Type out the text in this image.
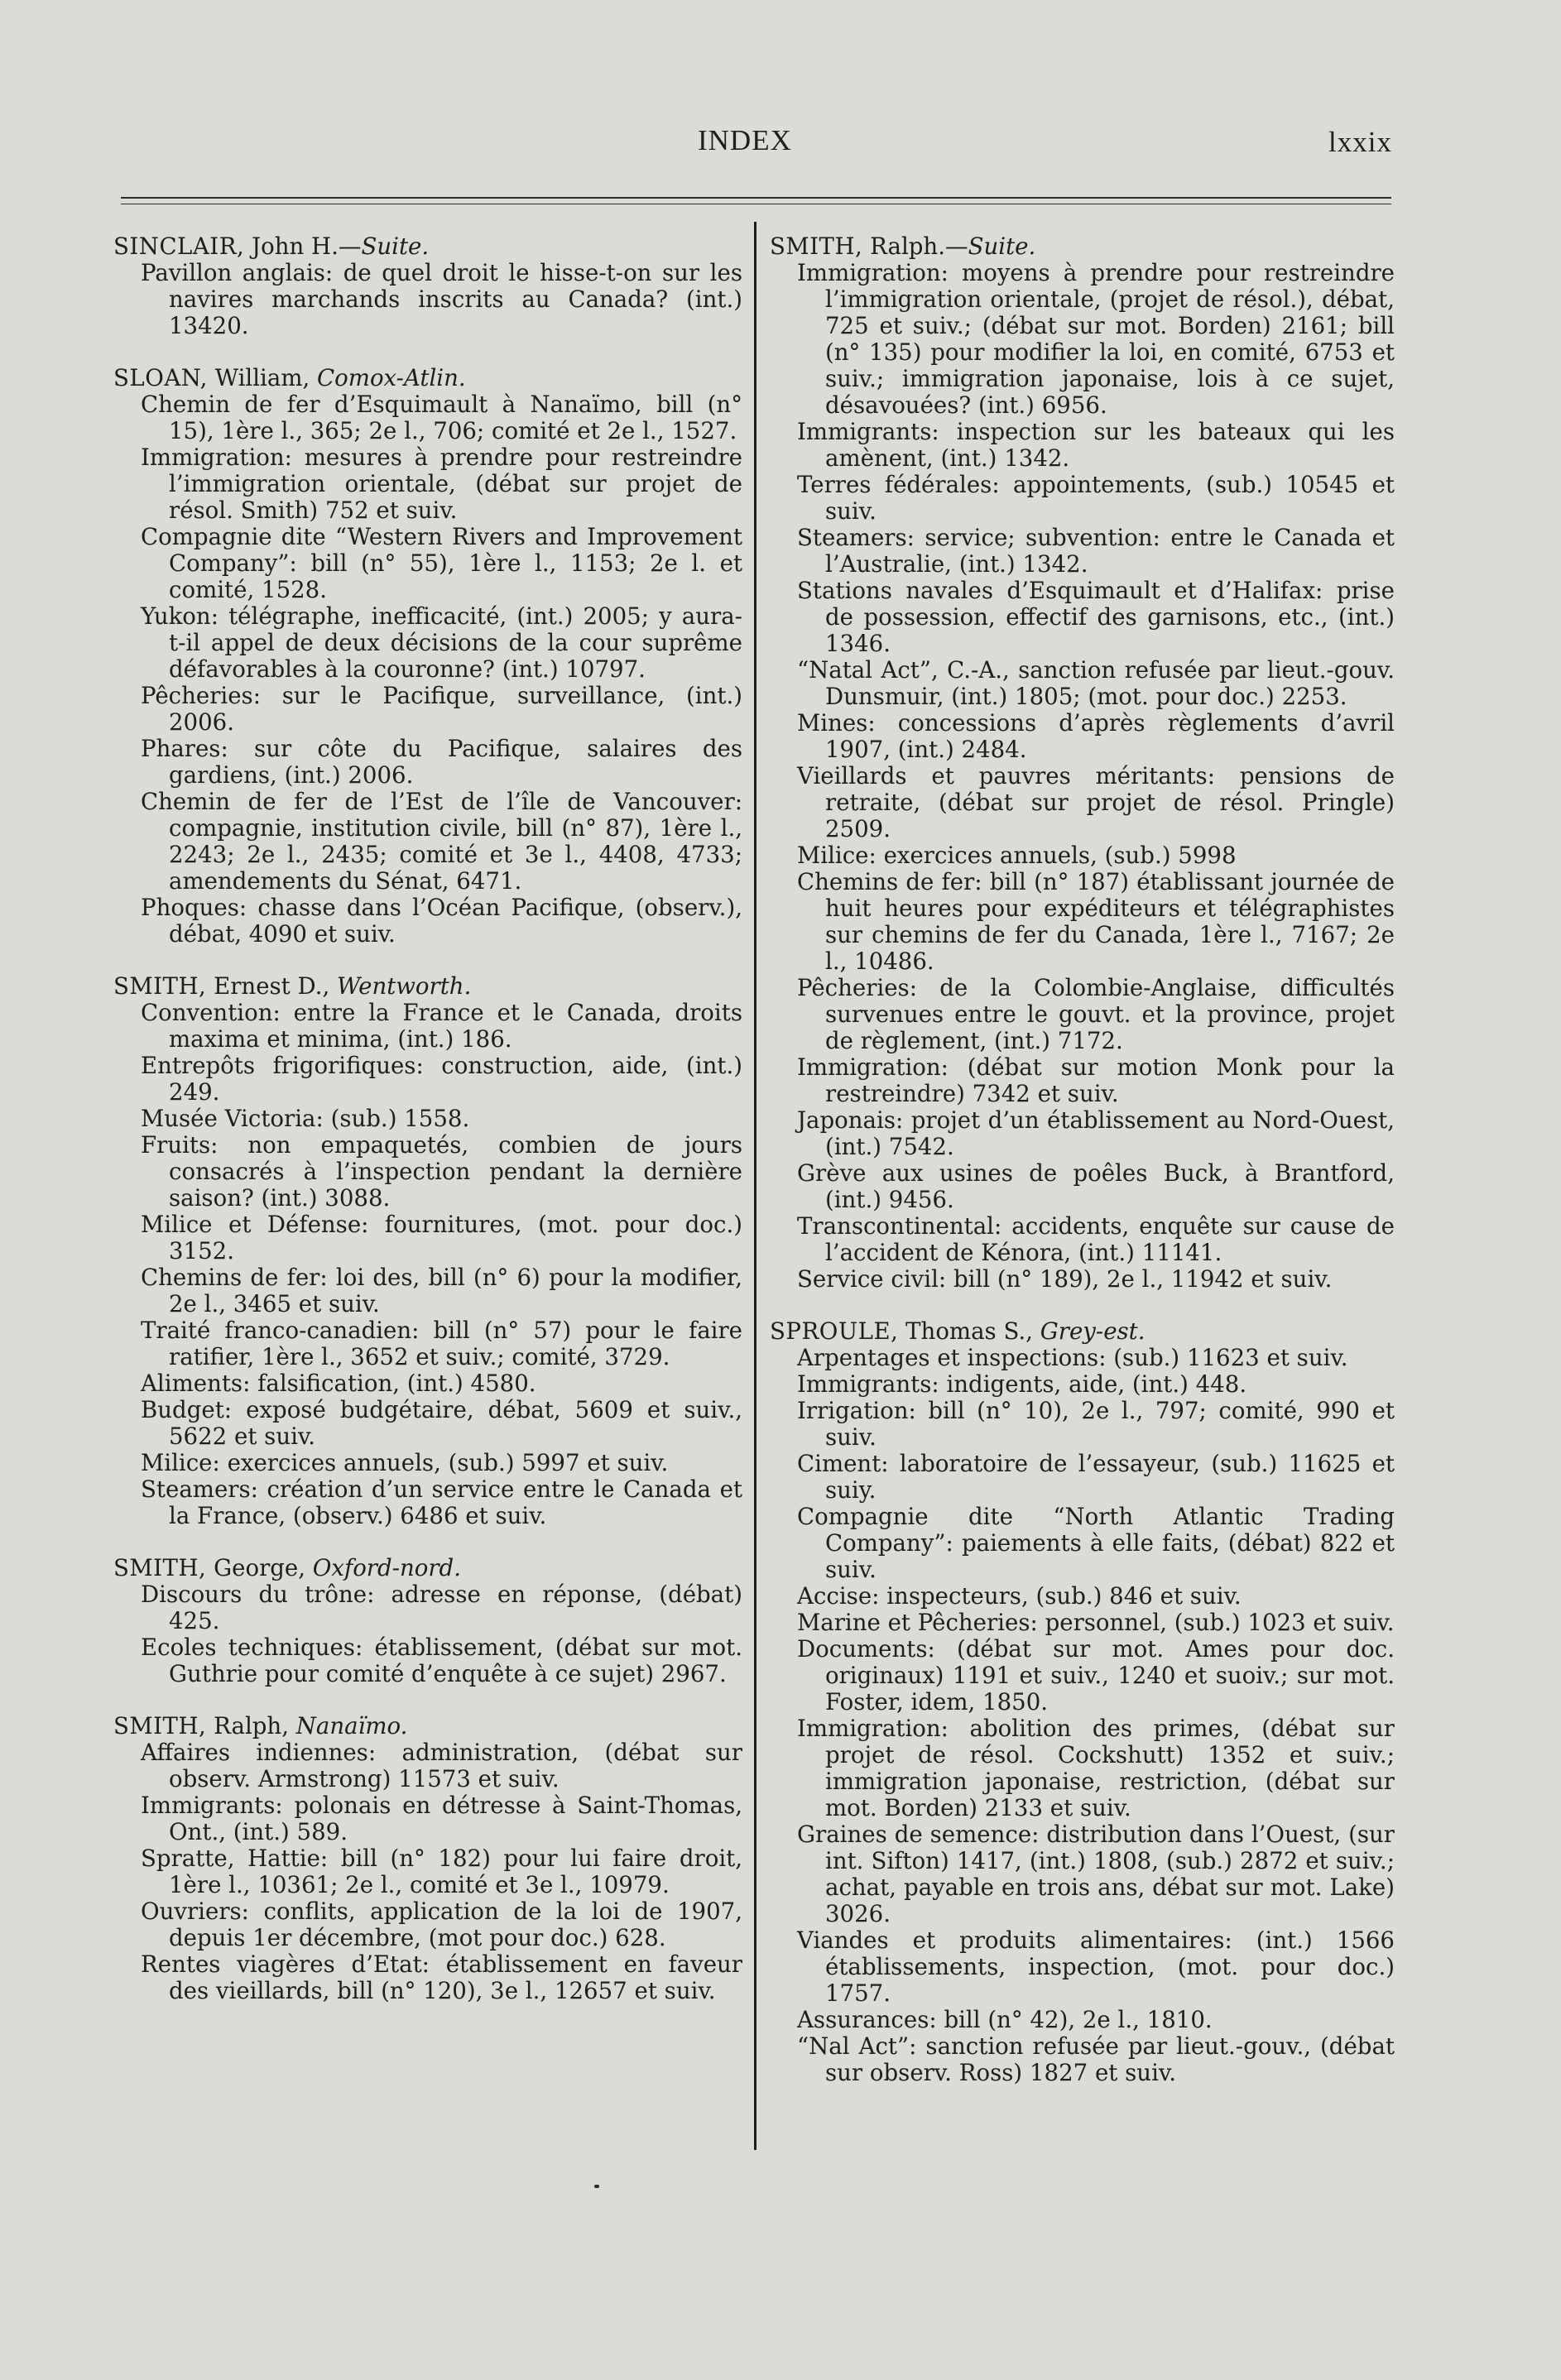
INDEX	lxxix
SINCLAIR, John H.—Suite.
Pavillon anglais: de quel droit le hisse-t-on sur les navires marchands inscrits au Canada? (int.) 13420.
SLOAN, William, Comox-Atlin.
Chemin de fer d’Esquimault à Nanaïmo, bill (n° 15), 1ère l., 365; 2e l., 706; comité et 2e l., 1527.
Immigration: mesures à prendre pour restreindre l’immigration orientale, (débat sur projet de résol. Smith) 752 et suiv.
Compagnie dite “Western Rivers and Improvement Company”: bill (n° 55), 1ère l., 1153; 2e l. et comité, 1528.
Yukon: télégraphe, inefficacité, (int.) 2005; y aura-t-il appel de deux décisions de la cour suprême défavorables à la couronne? (int.) 10797.
Pêcheries: sur le Pacifique, surveillance, (int.) 2006.
Phares: sur côte du Pacifique, salaires des gardiens, (int.) 2006.
Chemin de fer de l’Est de l’île de Vancouver: compagnie, institution civile, bill (n° 87), 1ère l., 2243; 2e l., 2435; comité et 3e l., 4408, 4733; amendements du Sénat, 6471.
Phoques: chasse dans l’Océan Pacifique, (observ.), débat, 4090 et suiv.
SMITH, Ernest D., Wentworth.
Convention: entre la France et le Canada, droits maxima et minima, (int.) 186.
Entrepôts frigorifiques: construction, aide, (int.) 249.
Musée Victoria: (sub.) 1558.
Fruits: non empaquetés, combien de jours consacrés à l’inspection pendant la dernière saison? (int.) 3088.
Milice et Défense: fournitures, (mot. pour doc.) 3152.
Chemins de fer: loi des, bill (n° 6) pour la modifier, 2e l., 3465 et suiv.
Traité franco-canadien: bill (n° 57) pour le faire ratifier, 1ère l., 3652 et suiv.; comité, 3729.
Aliments: falsification, (int.) 4580.
Budget: exposé budgétaire, débat, 5609 et suiv., 5622 et suiv.
Milice: exercices annuels, (sub.) 5997 et suiv.
Steamers: création d’un service entre le Canada et la France, (observ.) 6486 et suiv.
SMITH, George, Oxford-nord.
Discours du trône: adresse en réponse, (débat) 425.
Ecoles techniques: établissement, (débat sur mot. Guthrie pour comité d’enquête à ce sujet) 2967.
SMITH, Ralph, Nanaïmo.
Affaires indiennes: administration, (débat sur observ. Armstrong) 11573 et suiv.
Immigrants: polonais en détresse à Saint-Thomas, Ont., (int.) 589.
Spratte, Hattie: bill (n° 182) pour lui faire droit, 1ère l., 10361; 2e l., comité et 3e l., 10979.
Ouvriers: conflits, application de la loi de 1907, depuis 1er décembre, (mot pour doc.) 628.
Rentes viagères d’Etat: établissement en faveur des vieillards, bill (n° 120), 3e l., 12657 et suiv.
SMITH, Ralph.—Suite.
Immigration: moyens à prendre pour restreindre l’immigration orientale, (projet de résol.), débat, 725 et suiv.; (débat sur mot. Borden) 2161; bill (n° 135) pour modifier la loi, en comité, 6753 et suiv.; immigration japonaise, lois à ce sujet, désavouées? (int.) 6956.
Immigrants: inspection sur les bateaux qui les amènent, (int.) 1342.
Terres fédérales: appointements, (sub.) 10545 et suiv.
Steamers: service; subvention: entre le Canada et l’Australie, (int.) 1342.
Stations navales d’Esquimault et d’Halifax: prise de possession, effectif des garnisons, etc., (int.) 1346.
“Natal Act”, C.-A., sanction refusée par lieut.-gouv. Dunsmuir, (int.) 1805; (mot. pour doc.) 2253.
Mines: concessions d’après règlements d’avril 1907, (int.) 2484.
Vieillards et pauvres méritants: pensions de retraite, (débat sur projet de résol. Pringle) 2509.
Milice: exercices annuels, (sub.) 5998
Chemins de fer: bill (n° 187) établissant journée de huit heures pour expéditeurs et télégraphistes sur chemins de fer du Canada, 1ère l., 7167; 2e l., 10486.
Pêcheries: de la Colombie-Anglaise, difficultés survenues entre le gouvt. et la province, projet de règlement, (int.) 7172.
Immigration: (débat sur motion Monk pour la restreindre) 7342 et suiv.
Japonais: projet d’un établissement au Nord-Ouest, (int.) 7542.
Grève aux usines de poêles Buck, à Brantford, (int.) 9456.
Transcontinental: accidents, enquête sur cause de l’accident de Kénora, (int.) 11141.
Service civil: bill (n° 189), 2e l., 11942 et suiv.
SPROULE, Thomas S., Grey-est.
Arpentages et inspections: (sub.) 11623 et suiv.
Immigrants: indigents, aide, (int.) 448.
Irrigation: bill (n° 10), 2e l., 797; comité, 990 et suiv.
Ciment: laboratoire de l’essayeur, (sub.) 11625 et suiy.
Compagnie dite “North Atlantic Trading Company”: paiements à elle faits, (débat) 822 et suiv.
Accise: inspecteurs, (sub.) 846 et suiv.
Marine et Pêcheries: personnel, (sub.) 1023 et suiv.
Documents: (débat sur mot. Ames pour doc. originaux) 1191 et suiv., 1240 et suoiv.; sur mot. Foster, idem, 1850.
Immigration: abolition des primes, (débat sur projet de résol. Cockshutt) 1352 et suiv.; immigration japonaise, restriction, (débat sur mot. Borden) 2133 et suiv.
Graines de semence: distribution dans l’Ouest, (sur int. Sifton) 1417, (int.) 1808, (sub.) 2872 et suiv.; achat, payable en trois ans, débat sur mot. Lake) 3026.
Viandes et produits alimentaires: (int.) 1566 établissements, inspection, (mot. pour doc.) 1757.
Assurances: bill (n° 42), 2e l., 1810.
“Nal Act”: sanction refusée par lieut.-gouv., (débat sur observ. Ross) 1827 et suiv.
